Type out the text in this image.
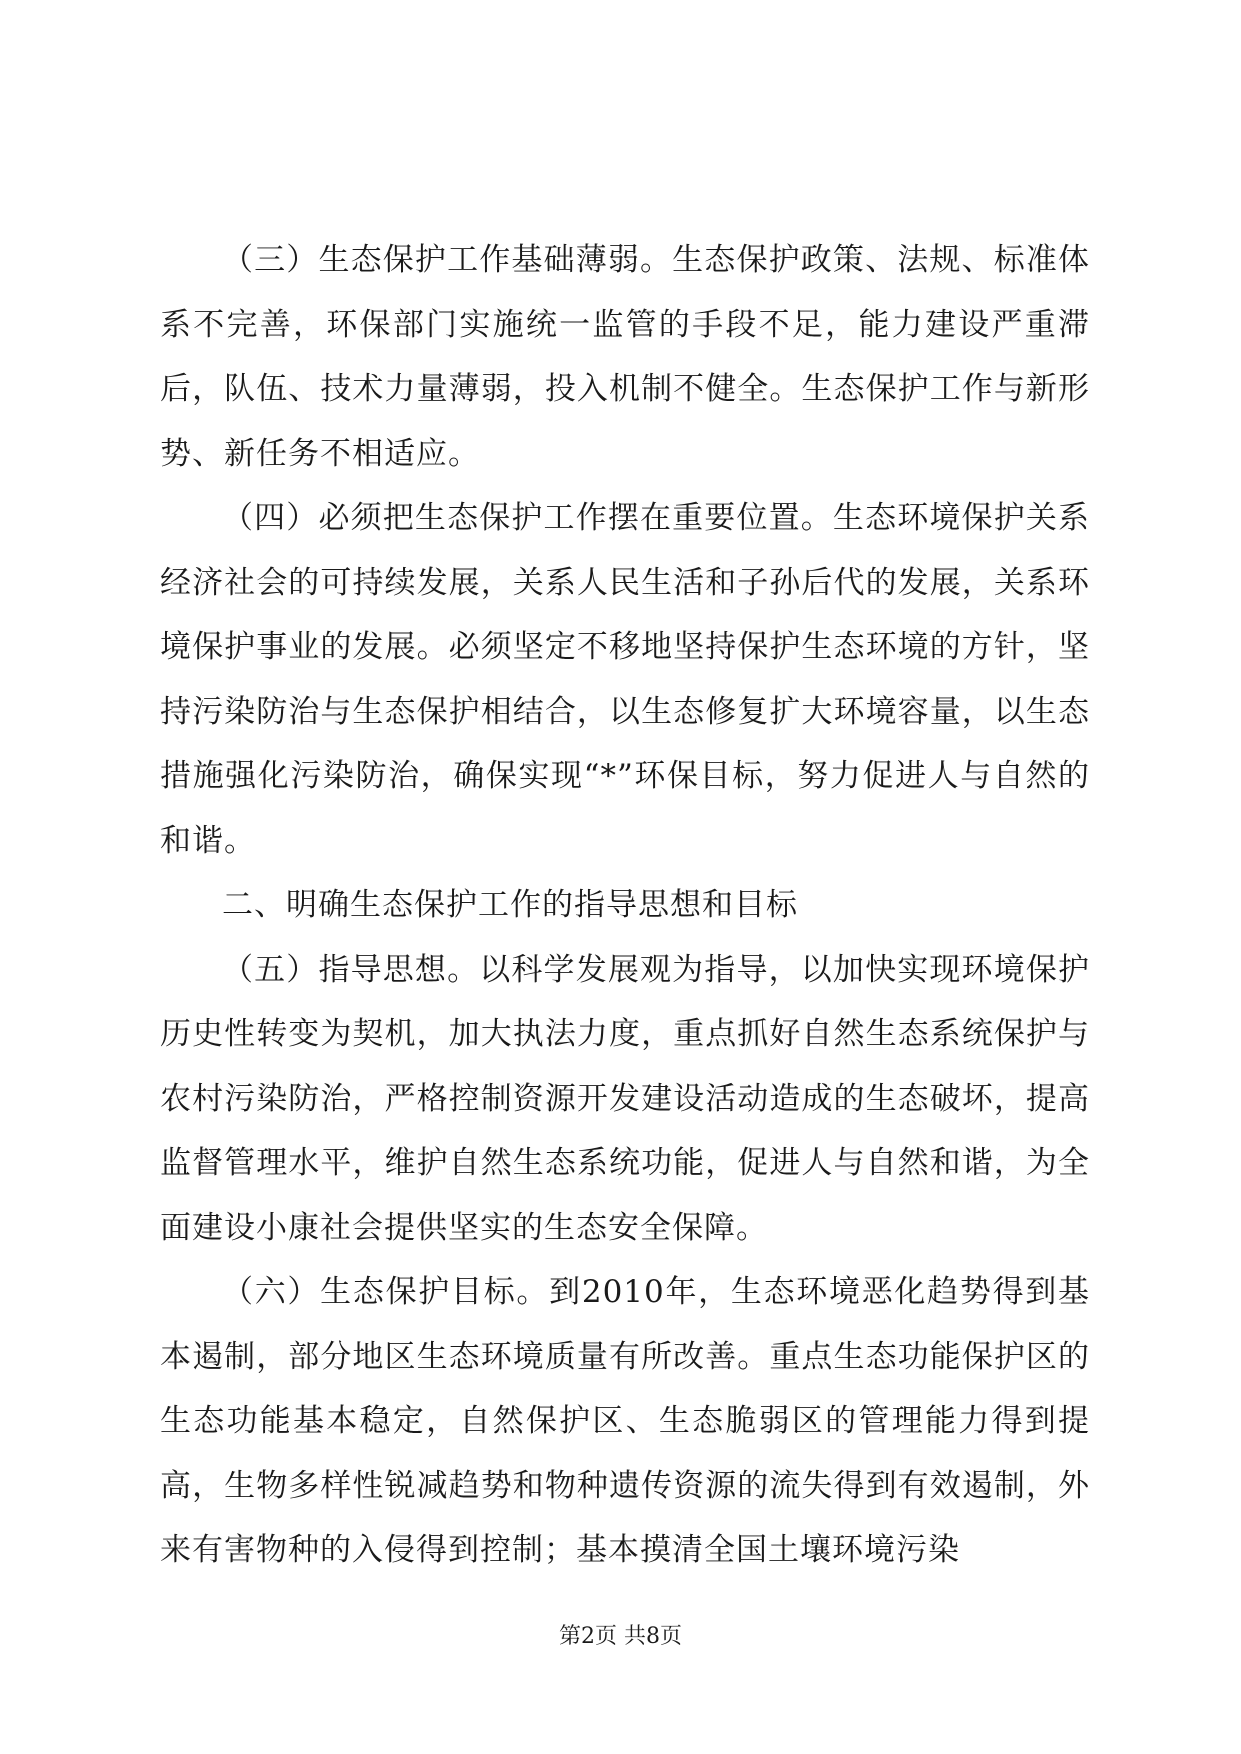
（三）生态保护工作基础薄弱。生态保护政策、法规、标准体系不完善，环保部门实施统一监管的手段不足，能力建设严重滞后，队伍、技术力量薄弱，投入机制不健全。生态保护工作与新形势、新任务不相适应。

（四）必须把生态保护工作摆在重要位置。生态环境保护关系经济社会的可持续发展，关系人民生活和子孙后代的发展，关系环境保护事业的发展。必须坚定不移地坚持保护生态环境的方针，坚持污染防治与生态保护相结合，以生态修复扩大环境容量，以生态措施强化污染防治，确保实现“*”环保目标，努力促进人与自然的和谐。

二、明确生态保护工作的指导思想和目标

（五）指导思想。以科学发展观为指导，以加快实现环境保护历史性转变为契机，加大执法力度，重点抓好自然生态系统保护与农村污染防治，严格控制资源开发建设活动造成的生态破坏，提高监督管理水平，维护自然生态系统功能，促进人与自然和谐，为全面建设小康社会提供坚实的生态安全保障。

（六）生态保护目标。到2010年，生态环境恶化趋势得到基本遏制，部分地区生态环境质量有所改善。重点生态功能保护区的生态功能基本稳定，自然保护区、生态脆弱区的管理能力得到提高，生物多样性锐减趋势和物种遗传资源的流失得到有效遏制，外来有害物种的入侵得到控制；基本摸清全国土壤环境污染

第2页 共8页
